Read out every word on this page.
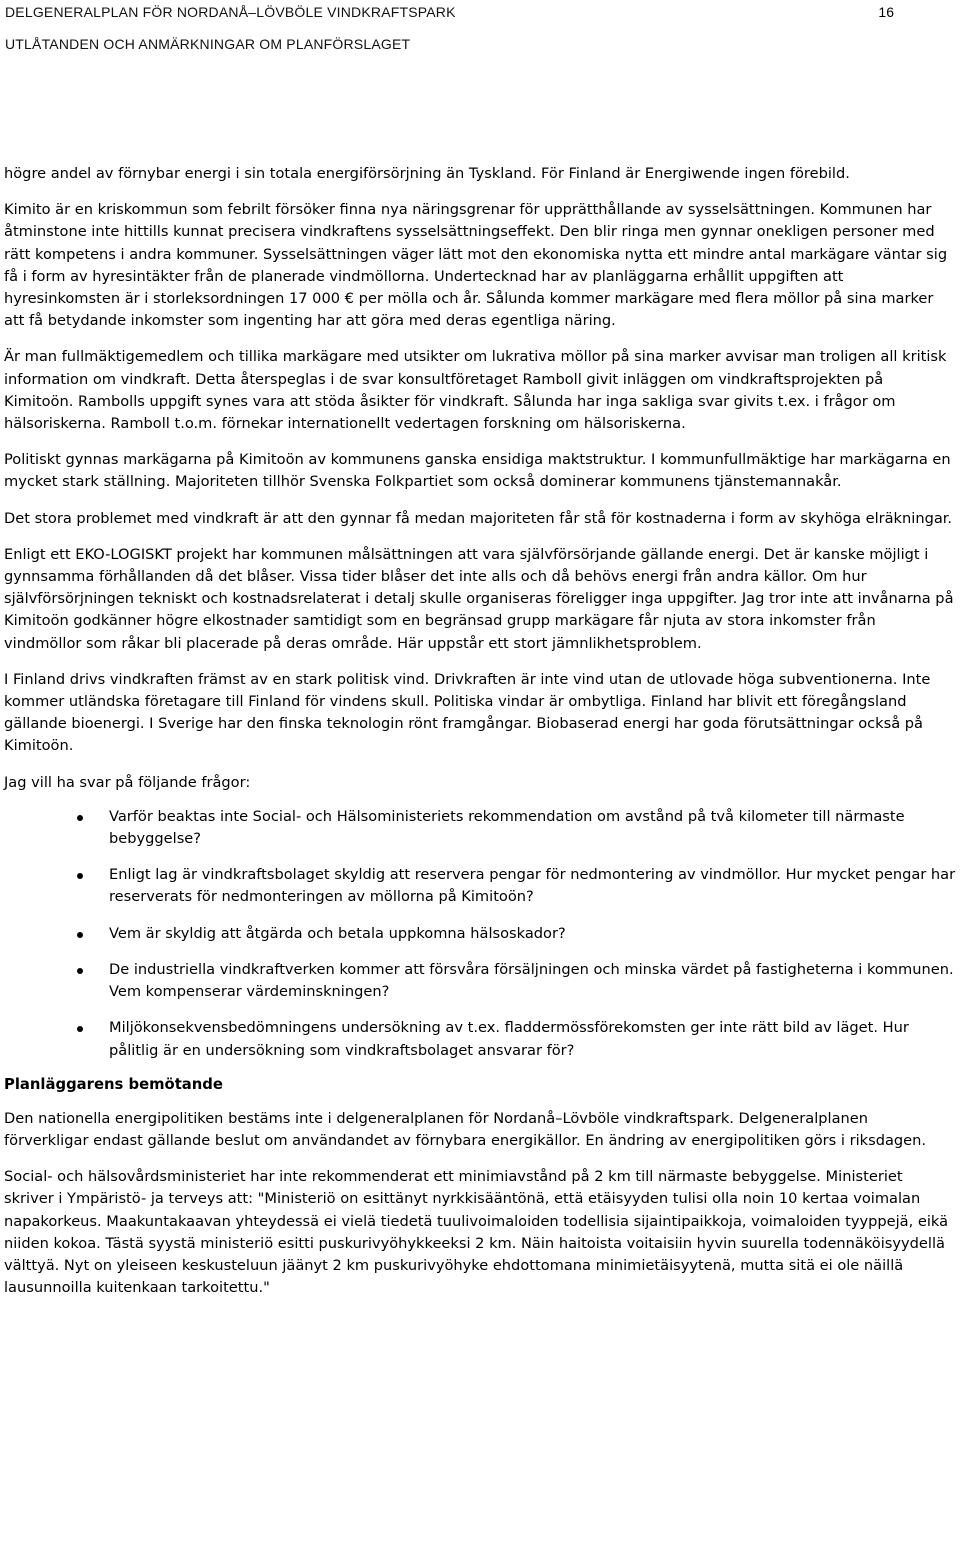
DELGENERALPLAN FÖR NORDANÅ–LÖVBÖLE VINDKRAFTSPARK	16
UTLÅTANDEN OCH ANMÄRKNINGAR OM PLANFÖRSLAGET

högre andel av förnybar energi i sin totala energiförsörjning än Tyskland. För Finland är Energiwende ingen förebild.

Kimito är en kriskommun som febrilt försöker finna nya näringsgrenar för upprätthållande av sysselsättningen. Kommunen har åtminstone inte hittills kunnat precisera vindkraftens sysselsättningseffekt. Den blir ringa men gynnar onekligen personer med rätt kompetens i andra kommuner. Sysselsättningen väger lätt mot den ekonomiska nytta ett mindre antal markägare väntar sig få i form av hyresintäkter från de planerade vindmöllorna. Undertecknad har av planläggarna erhållit uppgiften att hyresinkomsten är i storleksordningen 17 000 € per mölla och år. Sålunda kommer markägare med flera möllor på sina marker att få betydande inkomster som ingenting har att göra med deras egentliga näring.

Är man fullmäktigemedlem och tillika markägare med utsikter om lukrativa möllor på sina marker avvisar man troligen all kritisk information om vindkraft. Detta återspeglas i de svar konsultföretaget Ramboll givit inläggen om vindkraftsprojekten på Kimitoön. Rambolls uppgift synes vara att stöda åsikter för vindkraft. Sålunda har inga sakliga svar givits t.ex. i frågor om hälsoriskerna. Ramboll t.o.m. förnekar internationellt vedertagen forskning om hälsoriskerna.

Politiskt gynnas markägarna på Kimitoön av kommunens ganska ensidiga maktstruktur. I kommunfullmäktige har markägarna en mycket stark ställning. Majoriteten tillhör Svenska Folkpartiet som också dominerar kommunens tjänstemannakår.

Det stora problemet med vindkraft är att den gynnar få medan majoriteten får stå för kostnaderna i form av skyhöga elräkningar.

Enligt ett EKO-LOGISKT projekt har kommunen målsättningen att vara självförsörjande gällande energi. Det är kanske möjligt i gynnsamma förhållanden då det blåser. Vissa tider blåser det inte alls och då behövs energi från andra källor. Om hur självförsörjningen tekniskt och kostnadsrelaterat i detalj skulle organiseras föreligger inga uppgifter. Jag tror inte att invånarna på Kimitoön godkänner högre elkostnader samtidigt som en begränsad grupp markägare får njuta av stora inkomster från vindmöllor som råkar bli placerade på deras område. Här uppstår ett stort jämnlikhetsproblem.

I Finland drivs vindkraften främst av en stark politisk vind. Drivkraften är inte vind utan de utlovade höga subventionerna. Inte kommer utländska företagare till Finland för vindens skull. Politiska vindar är ombytliga. Finland har blivit ett föregångsland gällande bioenergi. I Sverige har den finska teknologin rönt framgångar. Biobaserad energi har goda förutsättningar också på Kimitoön.

Jag vill ha svar på följande frågor:

Varför beaktas inte Social- och Hälsoministeriets rekommendation om avstånd på två kilometer till närmaste bebyggelse?
Enligt lag är vindkraftsbolaget skyldig att reservera pengar för nedmontering av vindmöllor. Hur mycket pengar har reserverats för nedmonteringen av möllorna på Kimitoön?
Vem är skyldig att åtgärda och betala uppkomna hälsoskador?
De industriella vindkraftverken kommer att försvåra försäljningen och minska värdet på fastigheterna i kommunen. Vem kompenserar värdeminskningen?
Miljökonsekvensbedömningens undersökning av t.ex. fladdermössförekomsten ger inte rätt bild av läget. Hur pålitlig är en undersökning som vindkraftsbolaget ansvarar för?
Planläggarens bemötande

Den nationella energipolitiken bestäms inte i delgeneralplanen för Nordanå–Lövböle vindkraftspark. Delgeneralplanen förverkligar endast gällande beslut om användandet av förnybara energikällor. En ändring av energipolitiken görs i riksdagen.

Social- och hälsovårdsministeriet har inte rekommenderat ett minimiavstånd på 2 km till närmaste bebyggelse. Ministeriet skriver i Ympäristö- ja terveys att: "Ministeriö on esittänyt nyrkkisääntönä, että etäisyyden tulisi olla noin 10 kertaa voimalan napakorkeus. Maakuntakaavan yhteydessä ei vielä tiedetä tuulivoimaloiden todellisia sijaintipaikkoja, voimaloiden tyyppejä, eikä niiden kokoa. Tästä syystä ministeriö esitti puskurivyöhykkeeksi 2 km. Näin haitoista voitaisiin hyvin suurella todennäköisyydellä välttyä. Nyt on yleiseen keskusteluun jäänyt 2 km puskurivyöhyke ehdottomana minimietäisyytenä, mutta sitä ei ole näillä lausunnoilla kuitenkaan tarkoitettu."
